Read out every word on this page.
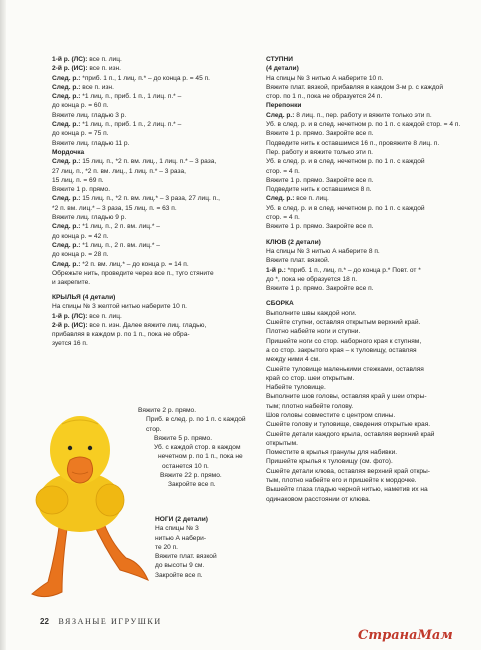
1-й р. (ЛС): все п. лиц.

2-й р. (ИС): все п. изн.

След. р.: *приб. 1 п., 1 лиц. п.* – до конца р. = 45 п.

След. р.: все п. изн.

След. р.: *1 лиц. п., приб. 1 п., 1 лиц. п.* –

до конца р. = 60 п.

Вяжите лиц. гладью 3 р.

След. р.: *1 лиц. п., приб. 1 п., 2 лиц. п.* –

до конца р. = 75 п.

Вяжите лиц. гладью 11 р.

Мордочка

След. р.: 15 лиц. п., *2 п. вм. лиц., 1 лиц. п.* – 3 раза,

27 лиц. п., *2 п. вм. лиц., 1 лиц. п.* – 3 раза,

15 лиц. п. = 69 п.

Вяжите 1 р. прямо.

След. р.: 15 лиц. п., *2 п. вм. лиц.* – 3 раза, 27 лиц. п.,

*2 п. вм. лиц.* – 3 раза, 15 лиц. п. = 63 п.

Вяжите лиц. гладью 9 р.

След. р.: *1 лиц. п., 2 п. вм. лиц.* –

до конца р. = 42 п.

След. р.: *1 лиц. п., 2 п. вм. лиц.* –

до конца р. = 28 п.

След. р.: *2 п. вм. лиц.* – до конца р. = 14 п.

Обрежьте нить, проведите через все п., туго стяните

и закрепите.

КРЫЛЬЯ (4 детали)

На спицы № 3 желтой нитью наберите 10 п.

1-й р. (ЛС): все п. лиц.

2-й р. (ИС): все п. изн. Далее вяжите лиц. гладью,

прибавляя в каждом р. по 1 п., пока не обра-

зуется 16 п.

Вяжите 2 р. прямо.

Приб. в след. р. по 1 п. с каждой

стор.

Вяжите 5 р. прямо.

Уб. с каждой стор. в каждом

нечетном р. по 1 п., пока не

останется 10 п.

Вяжите 22 р. прямо.

Закройте все п.

НОГИ (2 детали)

На спицы № 3

нитью А набери-

те 20 п.

Вяжите плат. вязкой

до высоты 9 см.

Закройте все п.

СТУПНИ

(4 детали)

На спицы № 3 нитью А наберите 10 п.

Вяжите плат. вязкой, прибавляя в каждом 3-м р. с каждой

стор. по 1 п., пока не образуется 24 п.

Перепонки

След. р.: 8 лиц. п., пер. работу и вяжите только эти п.

Уб. в след. р. и в след. нечетном р. по 1 п. с каждой стор. = 4 п.

Вяжите 1 р. прямо. Закройте все п.

Подведите нить к оставшимся 16 п., провяжите 8 лиц. п.

Пер. работу и вяжите только эти п.

Уб. в след. р. и в след. нечетном р. по 1 п. с каждой

стор. = 4 п.

Вяжите 1 р. прямо. Закройте все п.

Подведите нить к оставшимся 8 п.

След. р.: все п. лиц.

Уб. в след. р. и в след. нечетном р. по 1 п. с каждой

стор. = 4 п.

Вяжите 1 р. прямо. Закройте все п.

КЛЮВ (2 детали)

На спицы № 3 нитью А наберите 8 п.

Вяжите плат. вязкой.

1-й р.: *приб. 1 п., лиц. п.* – до конца р.* Повт. от *

до *, пока не образуется 18 п.

Вяжите 1 р. прямо. Закройте все п.

СБОРКА

Выполните швы каждой ноги.

Сшейте ступни, оставляя открытым верхний край.

Плотно набейте ноги и ступни.

Пришейте ноги со стор. наборного края к ступням,

а со стор. закрытого края – к туловищу, оставляя

между ними 4 см.

Сшейте туловище маленькими стежками, оставляя

край со стор. шеи открытым.

Набейте туловище.

Выполните шов головы, оставляя край у шеи откры-

тым; плотно набейте голову.

Шов головы совместите с центром спины.

Сшейте голову и туловище, сведения открытые края.

Сшейте детали каждого крыла, оставляя верхний край

открытым.

Поместите в крылья гранулы для набивки.

Пришейте крылья к туловищу (см. фото).

Сшейте детали клюва, оставляя верхний край откры-

тым, плотно набейте его и пришейте к мордочке.

Вышейте глаза гладью черной нитью, наметив их на

одинаковом расстоянии от клюва.

22 ВЯЗАНЫЕ ИГРУШКИ
СтранаМам
